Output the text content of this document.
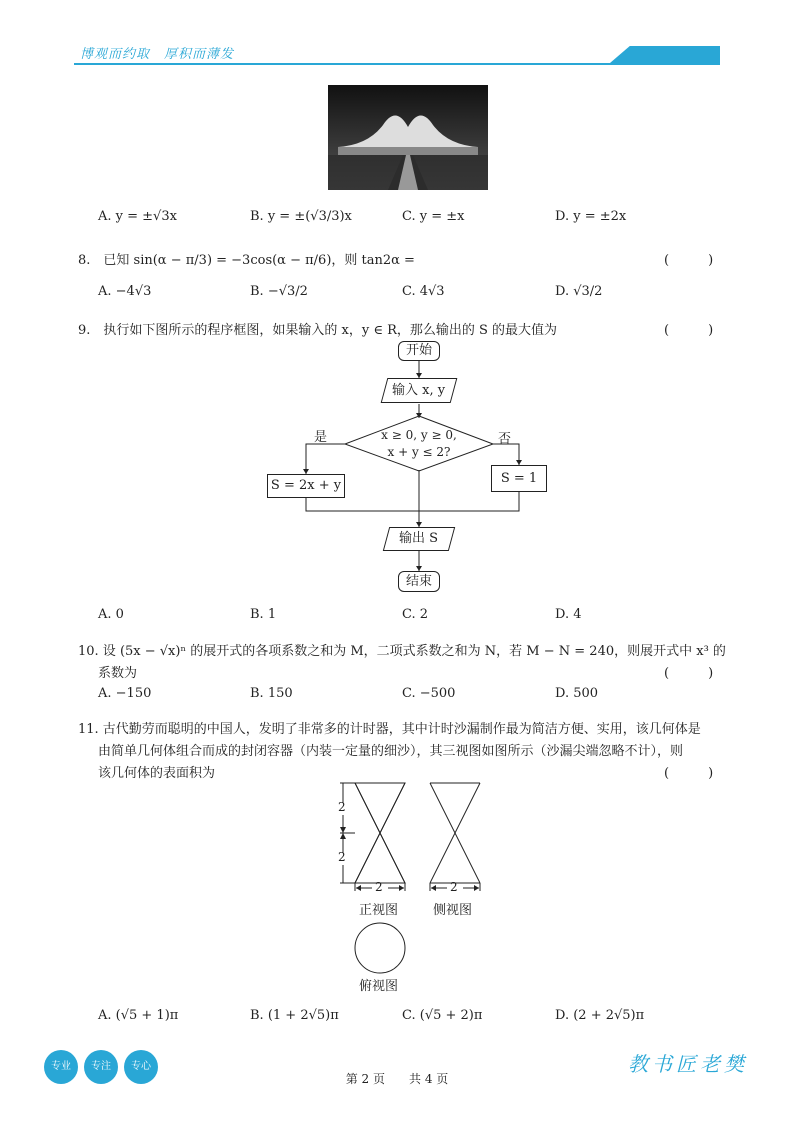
博观而约取　厚积而薄发
A. y = ±√3x	B. y = ±(√3/3)x	C. y = ±x	D. y = ±2x
8.　已知 sin(α − π/3) = −3cos(α − π/6)，则 tan2α =	(　　　)
A. −4√3	B. −√3/2	C. 4√3	D. √3/2
9.　执行如下图所示的程序框图，如果输入的 x，y ∈ R，那么输出的 S 的最大值为	(　　　)
开始
输入 x, y
x ≥ 0, y ≥ 0,
x + y ≤ 2?
是	否
S = 2x + y	S = 1
输出 S
结束
A. 0	B. 1	C. 2	D. 4
10. 设 (5x − √x)ⁿ 的展开式的各项系数之和为 M，二项式系数之和为 N，若 M − N = 240，则展开式中 x³ 的
系数为	(　　　)
A. −150	B. 150	C. −500	D. 500
11. 古代勤劳而聪明的中国人，发明了非常多的计时器，其中计时沙漏制作最为简洁方便、实用，该几何体是
由简单几何体组合而成的封闭容器（内装一定量的细沙），其三视图如图所示（沙漏尖端忽略不计），则
该几何体的表面积为	(　　　)
2
2
2	2
正视图	侧视图
俯视图
A. (√5 + 1)π	B. (1 + 2√5)π	C. (√5 + 2)π	D. (2 + 2√5)π
专业	专注	专心
第 2 页　　共 4 页
教书匠老樊
